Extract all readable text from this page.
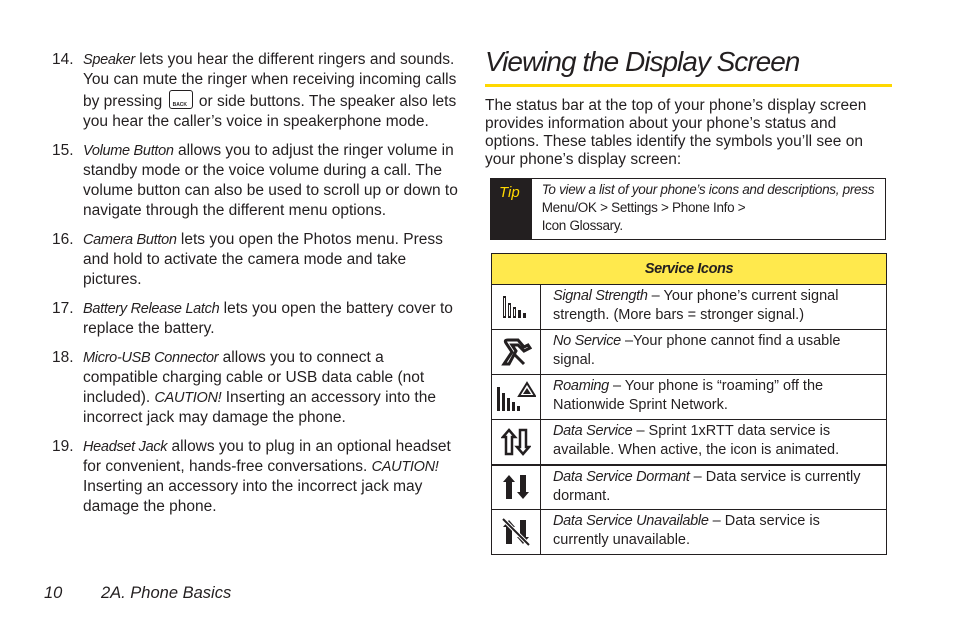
14. Speaker lets you hear the different ringers and sounds. You can mute the ringer when receiving incoming calls by pressing BACK or side buttons. The speaker also lets you hear the caller’s voice in speakerphone mode.
15. Volume Button allows you to adjust the ringer volume in standby mode or the voice volume during a call. The volume button can also be used to scroll up or down to navigate through the different menu options.
16. Camera Button lets you open the Photos menu. Press and hold to activate the camera mode and take pictures.
17. Battery Release Latch lets you open the battery cover to replace the battery.
18. Micro-USB Connector allows you to connect a compatible charging cable or USB data cable (not included). CAUTION! Inserting an accessory into the incorrect jack may damage the phone.
19. Headset Jack allows you to plug in an optional headset for convenient, hands-free conversations. CAUTION! Inserting an accessory into the incorrect jack may damage the phone.
Viewing the Display Screen
The status bar at the top of your phone’s display screen provides information about your phone’s status and options. These tables identify the symbols you’ll see on your phone’s display screen:
Tip	To view a list of your phone’s icons and descriptions, press Menu/OK > Settings > Phone Info >
Icon Glossary.
Service Icons	

	Signal Strength – Your phone’s current signal strength. (More bars = stronger signal.)

	No Service –Your phone cannot find a usable signal.

	Roaming – Your phone is “roaming” off the Nationwide Sprint Network.

	Data Service – Sprint 1xRTT data service is available. When active, the icon is animated.

	Data Service Dormant – Data service is currently dormant.

	Data Service Unavailable – Data service is currently unavailable.
10 2A. Phone Basics
